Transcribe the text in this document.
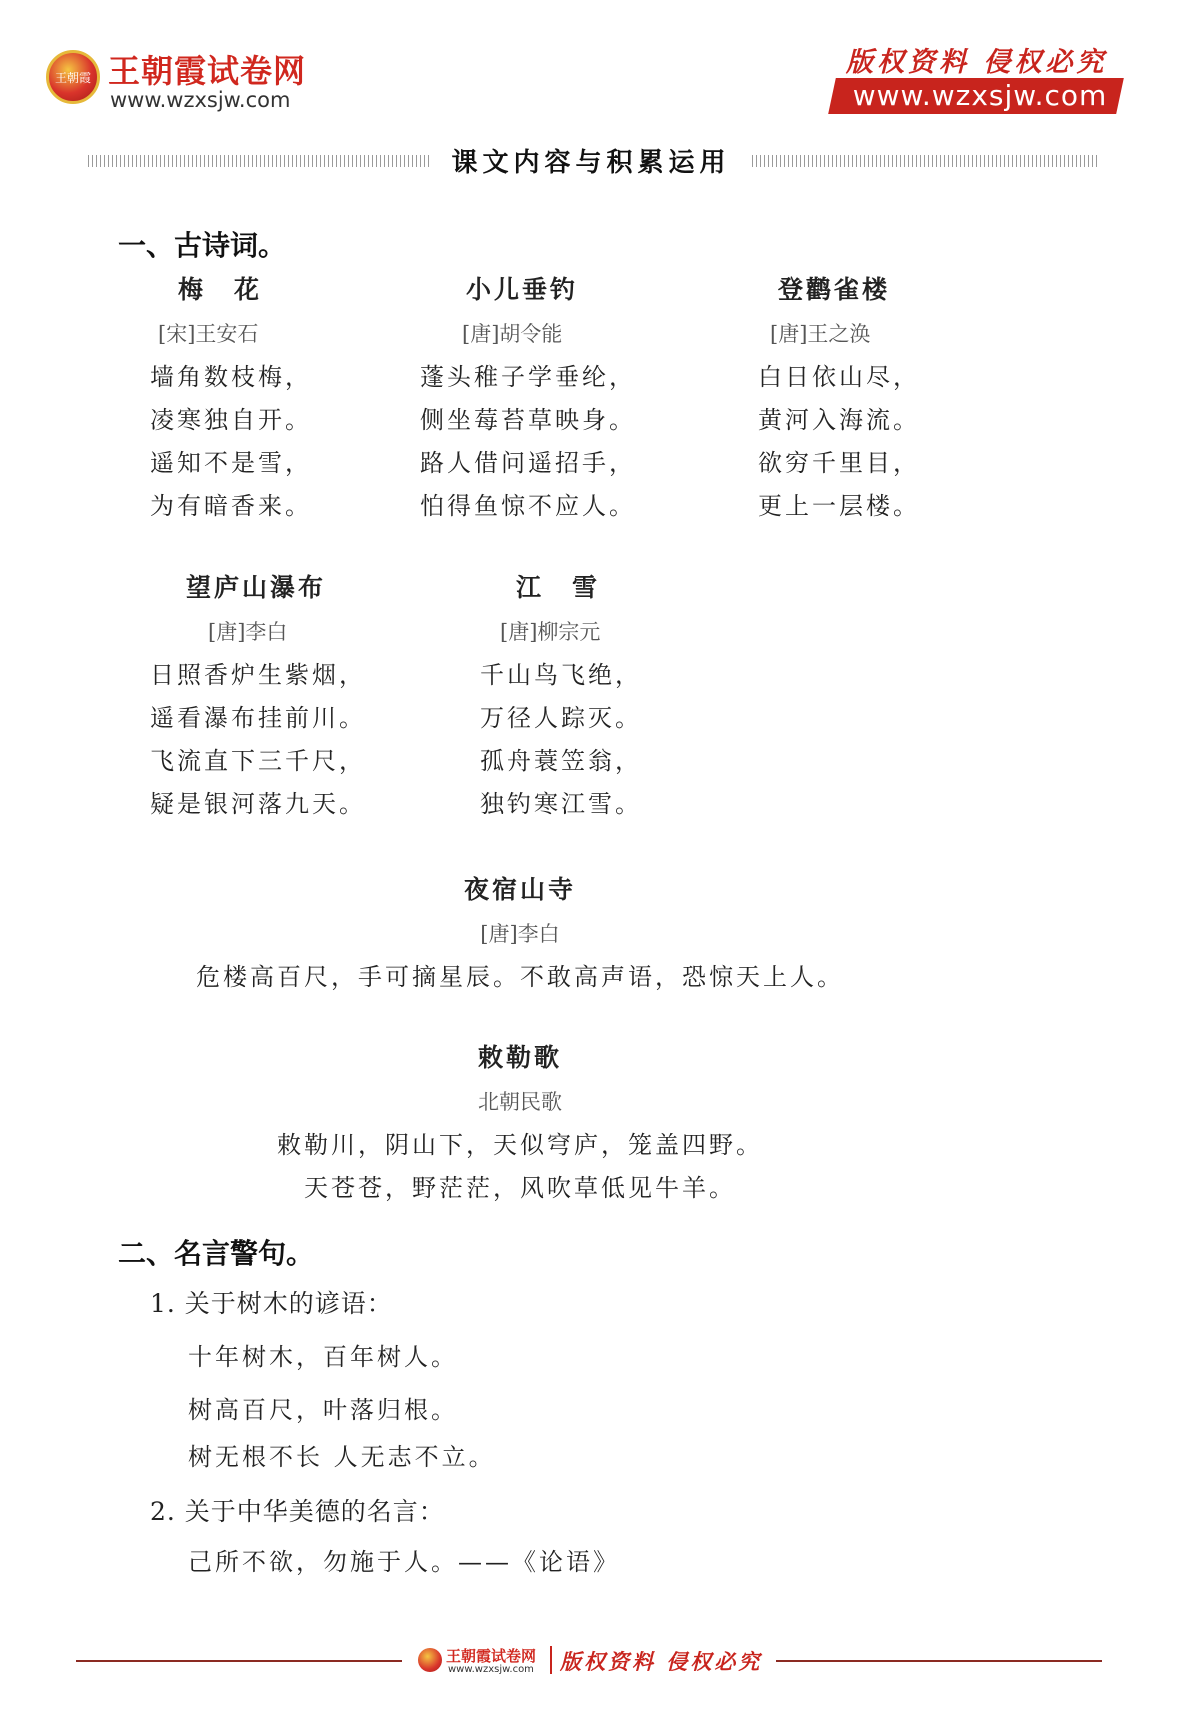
王朝霞 王朝霞试卷网
www.wzxsjw.com
版权资料 侵权必究
www.wzxsjw.com
课文内容与积累运用
一、古诗词。
梅　花
[宋]王安石
墙角数枝梅，
凌寒独自开。
遥知不是雪，
为有暗香来。
小儿垂钓
[唐]胡令能
蓬头稚子学垂纶，
侧坐莓苔草映身。
路人借问遥招手，
怕得鱼惊不应人。
登鹳雀楼
[唐]王之涣
白日依山尽，
黄河入海流。
欲穷千里目，
更上一层楼。
望庐山瀑布
[唐]李白
日照香炉生紫烟，
遥看瀑布挂前川。
飞流直下三千尺，
疑是银河落九天。
江　雪
[唐]柳宗元
千山鸟飞绝，
万径人踪灭。
孤舟蓑笠翁，
独钓寒江雪。
夜宿山寺
[唐]李白
危楼高百尺，手可摘星辰。不敢高声语，恐惊天上人。
敕勒歌
北朝民歌
敕勒川，阴山下，天似穹庐，笼盖四野。
天苍苍，野茫茫，风吹草低见牛羊。
二、名言警句。
1. 关于树木的谚语：
十年树木，百年树人。
树高百尺，叶落归根。
树无根不长 人无志不立。
2. 关于中华美德的名言：
己所不欲，勿施于人。——《论语》
王朝霞试卷网
www.wzxsjw.com 版权资料 侵权必究
